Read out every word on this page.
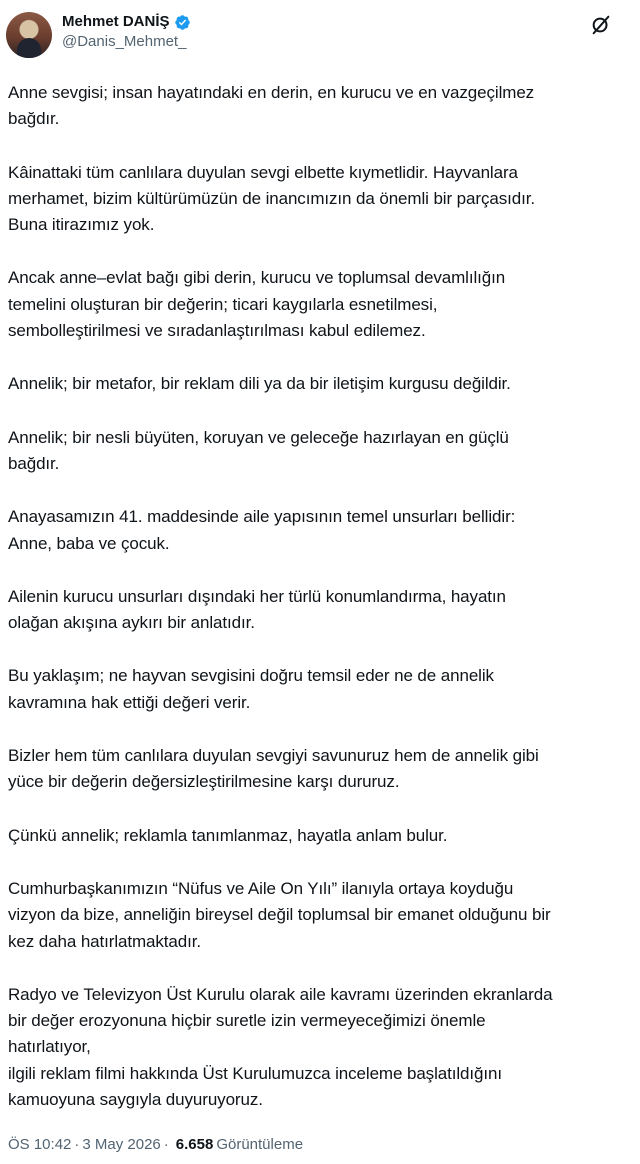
Mehmet DANİŞ
@Danis_Mehmet_

Anne sevgisi; insan hayatındaki en derin, en kurucu ve en vazgeçilmez
bağdır.

Kâinattaki tüm canlılara duyulan sevgi elbette kıymetlidir. Hayvanlara
merhamet, bizim kültürümüzün de inancımızın da önemli bir parçasıdır.
Buna itirazımız yok.

Ancak anne–evlat bağı gibi derin, kurucu ve toplumsal devamlılığın
temelini oluşturan bir değerin; ticari kaygılarla esnetilmesi,
sembolleştirilmesi ve sıradanlaştırılması kabul edilemez.

Annelik; bir metafor, bir reklam dili ya da bir iletişim kurgusu değildir.

Annelik; bir nesli büyüten, koruyan ve geleceğe hazırlayan en güçlü
bağdır.

Anayasamızın 41. maddesinde aile yapısının temel unsurları bellidir:
Anne, baba ve çocuk.

Ailenin kurucu unsurları dışındaki her türlü konumlandırma, hayatın
olağan akışına aykırı bir anlatıdır.

Bu yaklaşım; ne hayvan sevgisini doğru temsil eder ne de annelik
kavramına hak ettiği değeri verir.

Bizler hem tüm canlılara duyulan sevgiyi savunuruz hem de annelik gibi
yüce bir değerin değersizleştirilmesine karşı dururuz.

Çünkü annelik; reklamla tanımlanmaz, hayatla anlam bulur.

Cumhurbaşkanımızın “Nüfus ve Aile On Yılı” ilanıyla ortaya koyduğu
vizyon da bize, anneliğin bireysel değil toplumsal bir emanet olduğunu bir
kez daha hatırlatmaktadır.

Radyo ve Televizyon Üst Kurulu olarak aile kavramı üzerinden ekranlarda
bir değer erozyonuna hiçbir suretle izin vermeyeceğimizi önemle
hatırlatıyor,
ilgili reklam filmi hakkında Üst Kurulumuzca inceleme başlatıldığını
kamuoyuna saygıyla duyuruyoruz.

ÖS 10:42 · 3 May 2026 · 6.658 Görüntüleme
